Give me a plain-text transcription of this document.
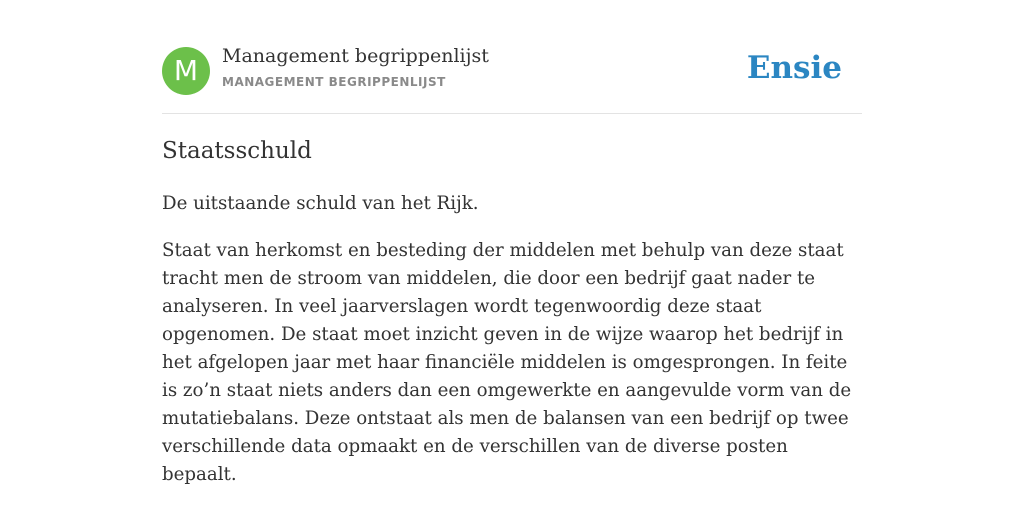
M	Management begrippenlijst
MANAGEMENT BEGRIPPENLIJST	Ensie
Staatsschuld

De uitstaande schuld van het Rijk.

Staat van herkomst en besteding der middelen met behulp van deze staat tracht men de stroom van middelen, die door een bedrijf gaat nader te analyseren. In veel jaarverslagen wordt tegenwoordig deze staat opgenomen. De staat moet inzicht geven in de wijze waarop het bedrijf in het afgelopen jaar met haar financiële middelen is omgesprongen. In feite is zo’n staat niets anders dan een omgewerkte en aangevulde vorm van de mutatiebalans. Deze ontstaat als men de balansen van een bedrijf op twee verschillende data opmaakt en de verschillen van de diverse posten bepaalt.
